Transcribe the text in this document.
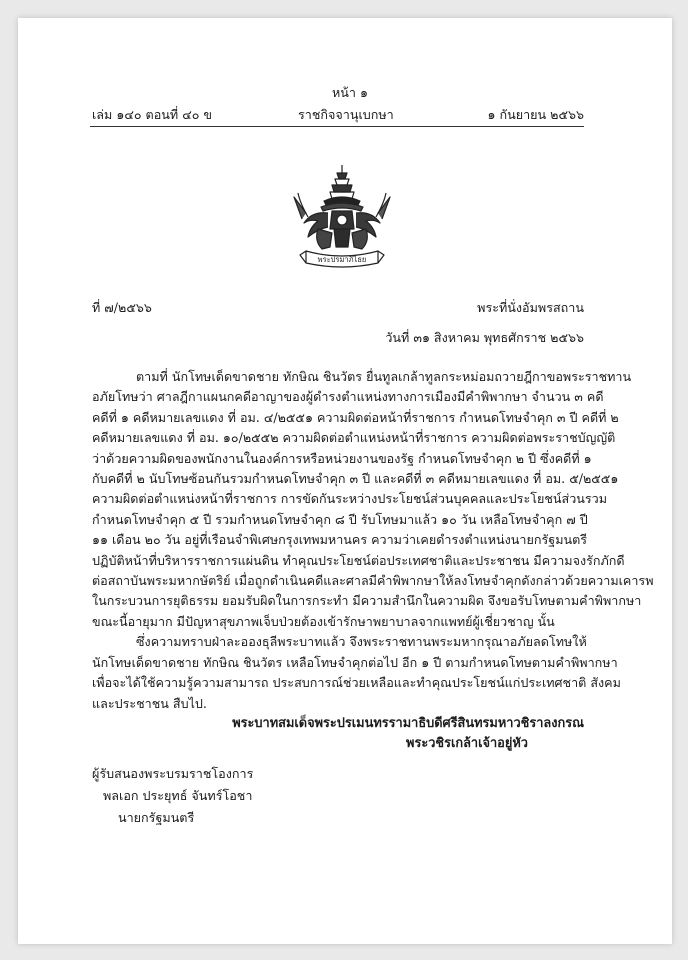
หน้า ๑
เล่ม ๑๔๐ ตอนที่ ๔๐ ข	ราชกิจจานุเบกษา	๑ กันยายน ๒๕๖๖
พระปรมาภิไธย
ที่ ๗/๒๕๖๖	พระที่นั่งอัมพรสถาน
วันที่ ๓๑ สิงหาคม พุทธศักราช ๒๕๖๖

ตามที่ นักโทษเด็ดขาดชาย ทักษิณ ชินวัตร ยื่นทูลเกล้าทูลกระหม่อมถวายฎีกาขอพระราชทาน
อภัยโทษว่า ศาลฎีกาแผนกคดีอาญาของผู้ดำรงตำแหน่งทางการเมืองมีคำพิพากษา จำนวน ๓ คดี
คดีที่ ๑ คดีหมายเลขแดง ที่ อม. ๔/๒๕๕๑ ความผิดต่อหน้าที่ราชการ กำหนดโทษจำคุก ๓ ปี คดีที่ ๒
คดีหมายเลขแดง ที่ อม. ๑๐/๒๕๕๒ ความผิดต่อตำแหน่งหน้าที่ราชการ ความผิดต่อพระราชบัญญัติ
ว่าด้วยความผิดของพนักงานในองค์การหรือหน่วยงานของรัฐ กำหนดโทษจำคุก ๒ ปี ซึ่งคดีที่ ๑
กับคดีที่ ๒ นับโทษซ้อนกันรวมกำหนดโทษจำคุก ๓ ปี และคดีที่ ๓ คดีหมายเลขแดง ที่ อม. ๕/๒๕๕๑
ความผิดต่อตำแหน่งหน้าที่ราชการ การขัดกันระหว่างประโยชน์ส่วนบุคคลและประโยชน์ส่วนรวม
กำหนดโทษจำคุก ๕ ปี รวมกำหนดโทษจำคุก ๘ ปี รับโทษมาแล้ว ๑๐ วัน เหลือโทษจำคุก ๗ ปี
๑๑ เดือน ๒๐ วัน อยู่ที่เรือนจำพิเศษกรุงเทพมหานคร ความว่าเคยดำรงตำแหน่งนายกรัฐมนตรี
ปฏิบัติหน้าที่บริหารราชการแผ่นดิน ทำคุณประโยชน์ต่อประเทศชาติและประชาชน มีความจงรักภักดี
ต่อสถาบันพระมหากษัตริย์ เมื่อถูกดำเนินคดีและศาลมีคำพิพากษาให้ลงโทษจำคุกดังกล่าวด้วยความเคารพ
ในกระบวนการยุติธรรม ยอมรับผิดในการกระทำ มีความสำนึกในความผิด จึงขอรับโทษตามคำพิพากษา
ขณะนี้อายุมาก มีปัญหาสุขภาพเจ็บป่วยต้องเข้ารักษาพยาบาลจากแพทย์ผู้เชี่ยวชาญ นั้น

ซึ่งความทราบฝ่าละอองธุลีพระบาทแล้ว จึงพระราชทานพระมหากรุณาอภัยลดโทษให้
นักโทษเด็ดขาดชาย ทักษิณ ชินวัตร เหลือโทษจำคุกต่อไป อีก ๑ ปี ตามกำหนดโทษตามคำพิพากษา
เพื่อจะได้ใช้ความรู้ความสามารถ ประสบการณ์ช่วยเหลือและทำคุณประโยชน์แก่ประเทศชาติ สังคม
และประชาชน สืบไป.

พระบาทสมเด็จพระปรเมนทรรามาธิบดีศรีสินทรมหาวชิราลงกรณ
พระวชิรเกล้าเจ้าอยู่หัว
ผู้รับสนองพระบรมราชโองการ
พลเอก ประยุทธ์ จันทร์โอชา
นายกรัฐมนตรี
